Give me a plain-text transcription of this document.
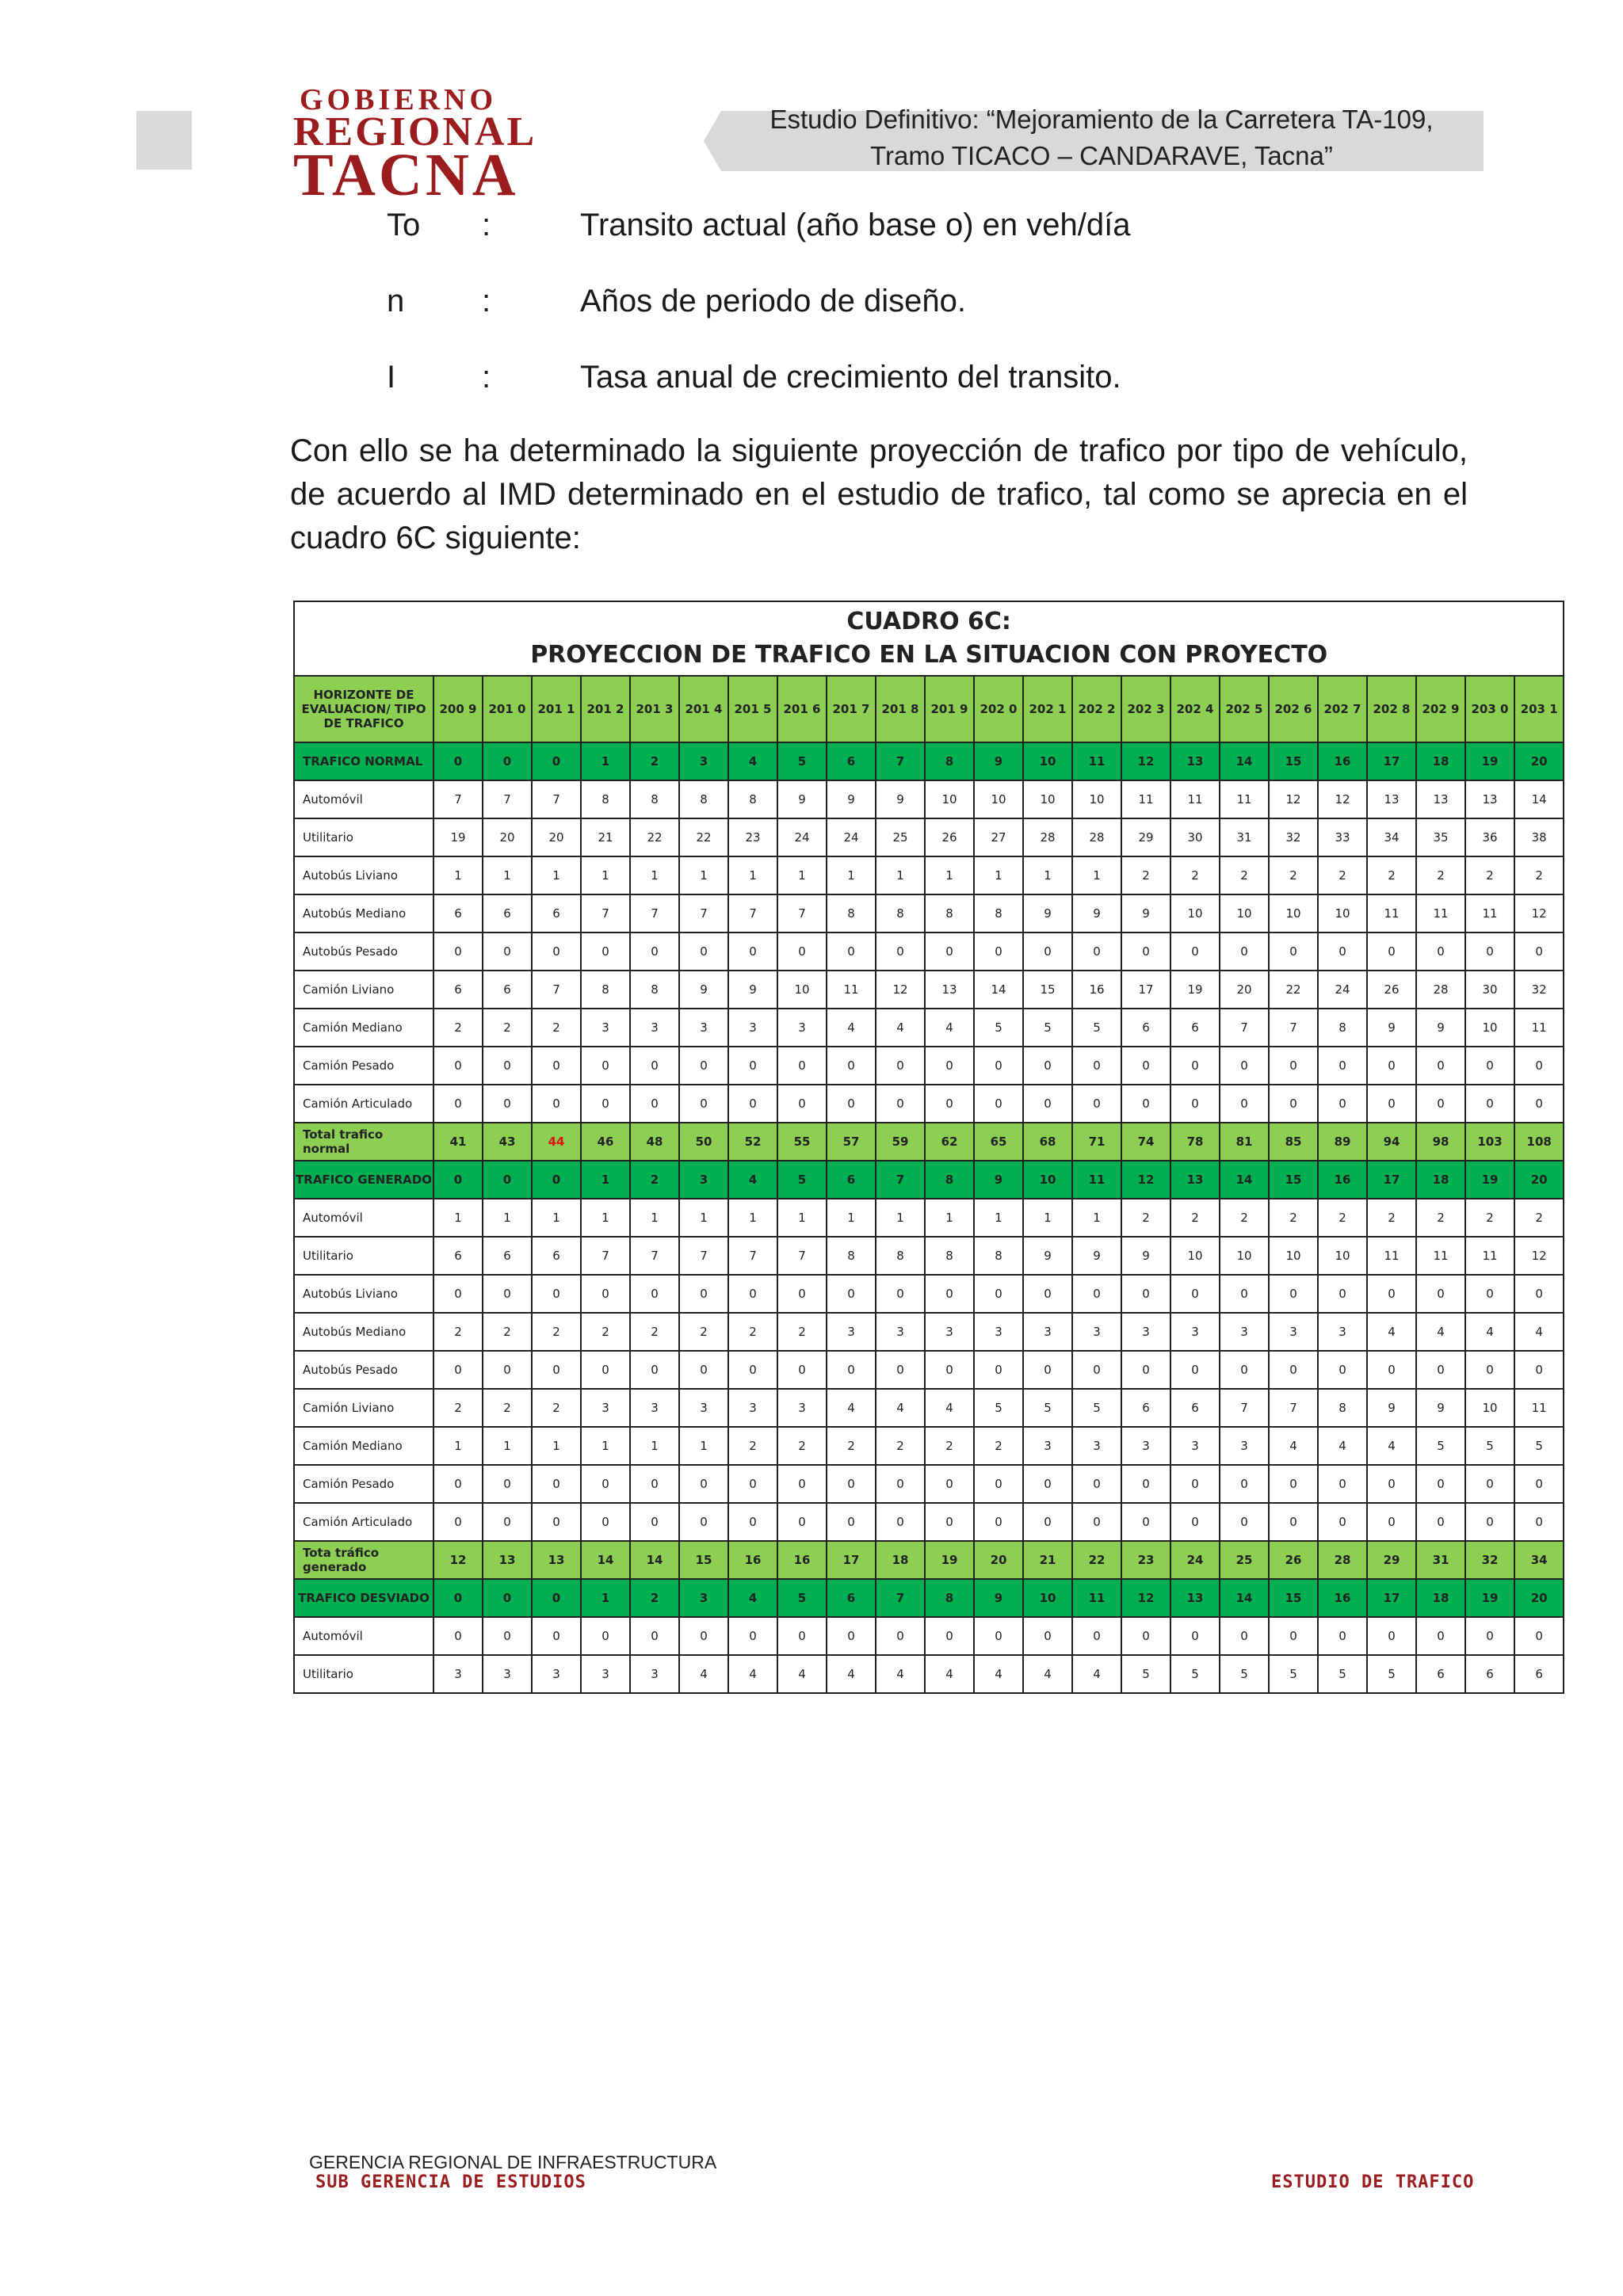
GOBIERNO
REGIONAL
TACNA
Estudio Definitivo: “Mejoramiento de la Carretera TA-109,
Tramo TICACO – CANDARAVE, Tacna”
To :	Transito actual (año base o) en veh/día
n :	Años de periodo de diseño.
I	:	Tasa anual de crecimiento del transito.
Con ello se ha determinado la siguiente proyección de trafico por tipo de vehículo, de acuerdo al IMD determinado en el estudio de trafico, tal como se aprecia en el cuadro 6C siguiente:
CUADRO 6C:
PROYECCION DE TRAFICO EN LA SITUACION CON PROYECTO																							

HORIZONTE DE EVALUACION/ TIPO DE TRAFICO	200 9	201 0	201 1	201 2	201 3	201 4	201 5	201 6	201 7	201 8	201 9	202 0	202 1	202 2	202 3	202 4	202 5	202 6	202 7	202 8	202 9	203 0	203 1
TRAFICO NORMAL	0	0	0	1	2	3	4	5	6	7	8	9	10	11	12	13	14	15	16	17	18	19	20
Automóvil	7	7	7	8	8	8	8	9	9	9	10	10	10	10	11	11	11	12	12	13	13	13	14
Utilitario	19	20	20	21	22	22	23	24	24	25	26	27	28	28	29	30	31	32	33	34	35	36	38
Autobús Liviano	1	1	1	1	1	1	1	1	1	1	1	1	1	1	2	2	2	2	2	2	2	2	2
Autobús Mediano	6	6	6	7	7	7	7	7	8	8	8	8	9	9	9	10	10	10	10	11	11	11	12
Autobús Pesado	0	0	0	0	0	0	0	0	0	0	0	0	0	0	0	0	0	0	0	0	0	0	0
Camión Liviano	6	6	7	8	8	9	9	10	11	12	13	14	15	16	17	19	20	22	24	26	28	30	32
Camión Mediano	2	2	2	3	3	3	3	3	4	4	4	5	5	5	6	6	7	7	8	9	9	10	11
Camión Pesado	0	0	0	0	0	0	0	0	0	0	0	0	0	0	0	0	0	0	0	0	0	0	0
Camión Articulado	0	0	0	0	0	0	0	0	0	0	0	0	0	0	0	0	0	0	0	0	0	0	0
Total trafico normal	41	43	44	46	48	50	52	55	57	59	62	65	68	71	74	78	81	85	89	94	98	103	108
TRAFICO GENERADO	0	0	0	1	2	3	4	5	6	7	8	9	10	11	12	13	14	15	16	17	18	19	20
Automóvil	1	1	1	1	1	1	1	1	1	1	1	1	1	1	2	2	2	2	2	2	2	2	2
Utilitario	6	6	6	7	7	7	7	7	8	8	8	8	9	9	9	10	10	10	10	11	11	11	12
Autobús Liviano	0	0	0	0	0	0	0	0	0	0	0	0	0	0	0	0	0	0	0	0	0	0	0
Autobús Mediano	2	2	2	2	2	2	2	2	3	3	3	3	3	3	3	3	3	3	3	4	4	4	4
Autobús Pesado	0	0	0	0	0	0	0	0	0	0	0	0	0	0	0	0	0	0	0	0	0	0	0
Camión Liviano	2	2	2	3	3	3	3	3	4	4	4	5	5	5	6	6	7	7	8	9	9	10	11
Camión Mediano	1	1	1	1	1	1	2	2	2	2	2	2	3	3	3	3	3	4	4	4	5	5	5
Camión Pesado	0	0	0	0	0	0	0	0	0	0	0	0	0	0	0	0	0	0	0	0	0	0	0
Camión Articulado	0	0	0	0	0	0	0	0	0	0	0	0	0	0	0	0	0	0	0	0	0	0	0
Tota tráfico generado	12	13	13	14	14	15	16	16	17	18	19	20	21	22	23	24	25	26	28	29	31	32	34
TRAFICO DESVIADO	0	0	0	1	2	3	4	5	6	7	8	9	10	11	12	13	14	15	16	17	18	19	20
Automóvil	0	0	0	0	0	0	0	0	0	0	0	0	0	0	0	0	0	0	0	0	0	0	0
Utilitario	3	3	3	3	3	4	4	4	4	4	4	4	4	4	5	5	5	5	5	5	6	6	6
GERENCIA REGIONAL DE INFRAESTRUCTURA
SUB GERENCIA DE ESTUDIOS	ESTUDIO DE TRAFICO
